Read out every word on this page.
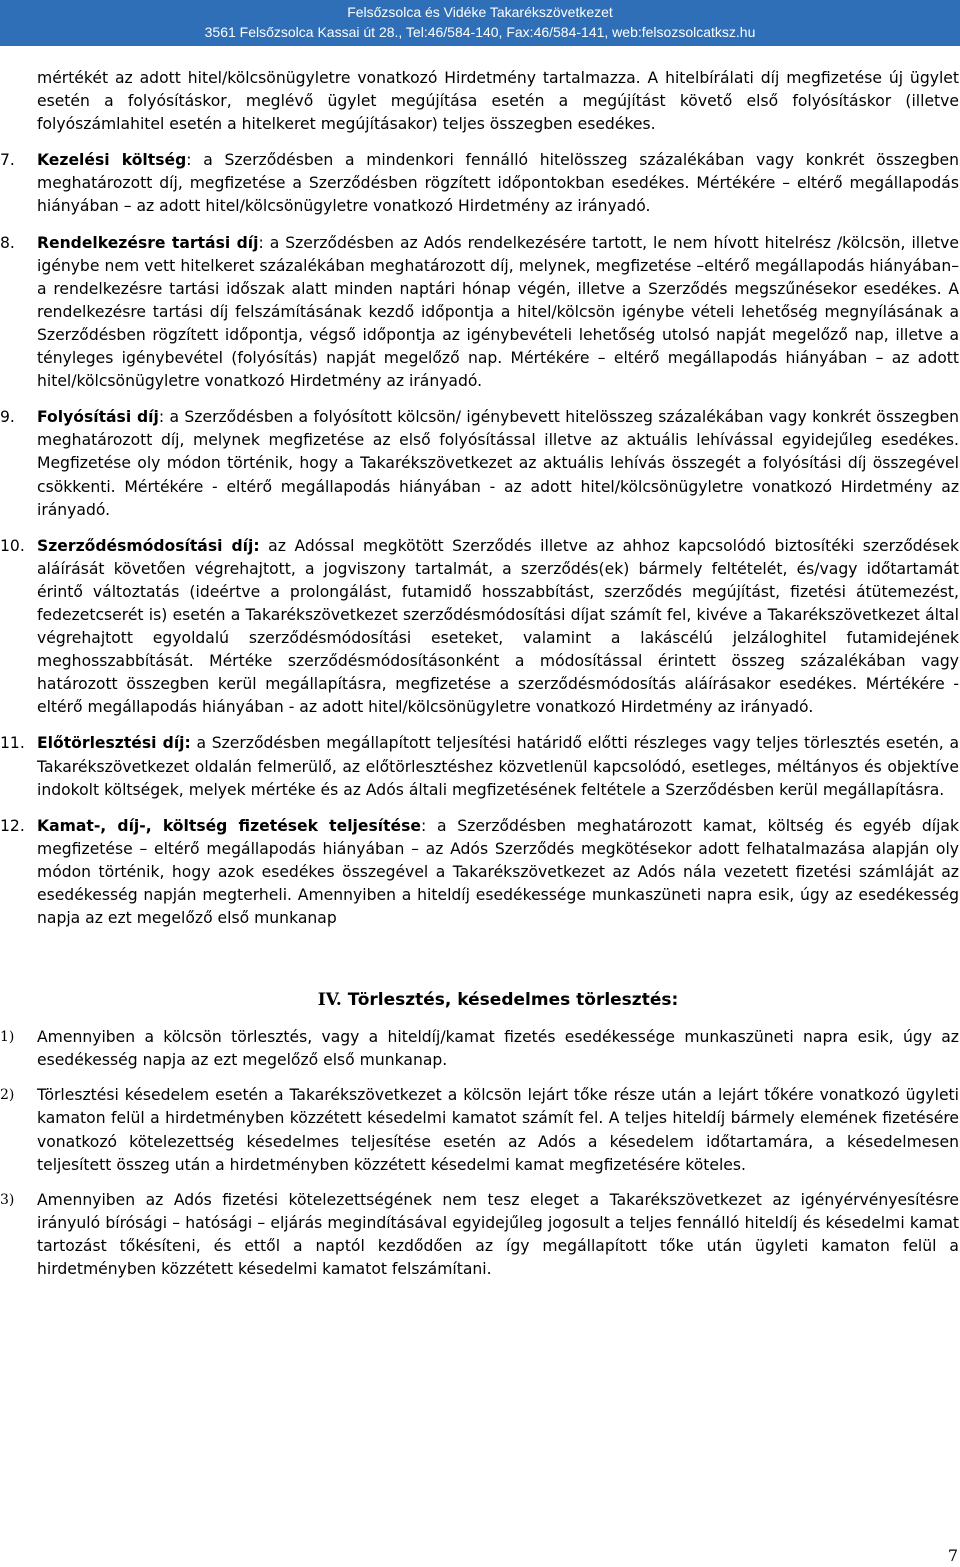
Felsőzsolca és Vidéke Takarékszövetkezet
3561 Felsőzsolca Kassai út 28., Tel:46/584-140, Fax:46/584-141, web:felsozsolcatksz.hu

mértékét az adott hitel/kölcsönügyletre vonatkozó Hirdetmény tartalmazza. A hitelbírálati díj megfizetése új ügylet esetén a folyósításkor, meglévő ügylet megújítása esetén a megújítást követő első folyósításkor (illetve folyószámlahitel esetén a hitelkeret megújításakor) teljes összegben esedékes.

7. Kezelési költség: a Szerződésben a mindenkori fennálló hitelösszeg százalékában vagy konkrét összegben meghatározott díj, megfizetése a Szerződésben rögzített időpontokban esedékes. Mértékére – eltérő megállapodás hiányában – az adott hitel/kölcsönügyletre vonatkozó Hirdetmény az irányadó.

8. Rendelkezésre tartási díj: a Szerződésben az Adós rendelkezésére tartott, le nem hívott hitelrész /kölcsön, illetve igénybe nem vett hitelkeret százalékában meghatározott díj, melynek, megfizetése –eltérő megállapodás hiányában– a rendelkezésre tartási időszak alatt minden naptári hónap végén, illetve a Szerződés megszűnésekor esedékes. A rendelkezésre tartási díj felszámításának kezdő időpontja a hitel/kölcsön igénybe vételi lehetőség megnyílásának a Szerződésben rögzített időpontja, végső időpontja az igénybevételi lehetőség utolsó napját megelőző nap, illetve a tényleges igénybevétel (folyósítás) napját megelőző nap. Mértékére – eltérő megállapodás hiányában – az adott hitel/kölcsönügyletre vonatkozó Hirdetmény az irányadó.

9. Folyósítási díj: a Szerződésben a folyósított kölcsön/ igénybevett hitelösszeg százalékában vagy konkrét összegben meghatározott díj, melynek megfizetése az első folyósítással illetve az aktuális lehívással egyidejűleg esedékes. Megfizetése oly módon történik, hogy a Takarékszövetkezet az aktuális lehívás összegét a folyósítási díj összegével csökkenti. Mértékére - eltérő megállapodás hiányában - az adott hitel/kölcsönügyletre vonatkozó Hirdetmény az irányadó.

10. Szerződésmódosítási díj: az Adóssal megkötött Szerződés illetve az ahhoz kapcsolódó biztosítéki szerződések aláírását követően végrehajtott, a jogviszony tartalmát, a szerződés(ek) bármely feltételét, és/vagy időtartamát érintő változtatás (ideértve a prolongálást, futamidő hosszabbítást, szerződés megújítást, fizetési átütemezést, fedezetcserét is) esetén a Takarékszövetkezet szerződésmódosítási díjat számít fel, kivéve a Takarékszövetkezet által végrehajtott egyoldalú szerződésmódosítási eseteket, valamint a lakáscélú jelzáloghitel futamidejének meghosszabbítását. Mértéke szerződésmódosításonként a módosítással érintett összeg százalékában vagy határozott összegben kerül megállapításra, megfizetése a szerződésmódosítás aláírásakor esedékes. Mértékére - eltérő megállapodás hiányában - az adott hitel/kölcsönügyletre vonatkozó Hirdetmény az irányadó.

11. Előtörlesztési díj: a Szerződésben megállapított teljesítési határidő előtti részleges vagy teljes törlesztés esetén, a Takarékszövetkezet oldalán felmerülő, az előtörlesztéshez közvetlenül kapcsolódó, esetleges, méltányos és objektíve indokolt költségek, melyek mértéke és az Adós általi megfizetésének feltétele a Szerződésben kerül megállapításra.

12. Kamat-, díj-, költség fizetések teljesítése: a Szerződésben meghatározott kamat, költség és egyéb díjak megfizetése – eltérő megállapodás hiányában – az Adós Szerződés megkötésekor adott felhatalmazása alapján oly módon történik, hogy azok esedékes összegével a Takarékszövetkezet az Adós nála vezetett fizetési számláját az esedékesség napján megterheli. Amennyiben a hiteldíj esedékessége munkaszüneti napra esik, úgy az esedékesség napja az ezt megelőző első munkanap

IV. Törlesztés, késedelmes törlesztés:
1) Amennyiben a kölcsön törlesztés, vagy a hiteldíj/kamat fizetés esedékessége munkaszüneti napra esik, úgy az esedékesség napja az ezt megelőző első munkanap.

2) Törlesztési késedelem esetén a Takarékszövetkezet a kölcsön lejárt tőke része után a lejárt tőkére vonatkozó ügyleti kamaton felül a hirdetményben közzétett késedelmi kamatot számít fel. A teljes hiteldíj bármely elemének fizetésére vonatkozó kötelezettség késedelmes teljesítése esetén az Adós a késedelem időtartamára, a késedelmesen teljesített összeg után a hirdetményben közzétett késedelmi kamat megfizetésére köteles.

3) Amennyiben az Adós fizetési kötelezettségének nem tesz eleget a Takarékszövetkezet az igényérvényesítésre irányuló bírósági – hatósági – eljárás megindításával egyidejűleg jogosult a teljes fennálló hiteldíj és késedelmi kamat tartozást tőkésíteni, és ettől a naptól kezdődően az így megállapított tőke után ügyleti kamaton felül a hirdetményben közzétett késedelmi kamatot felszámítani.

7
